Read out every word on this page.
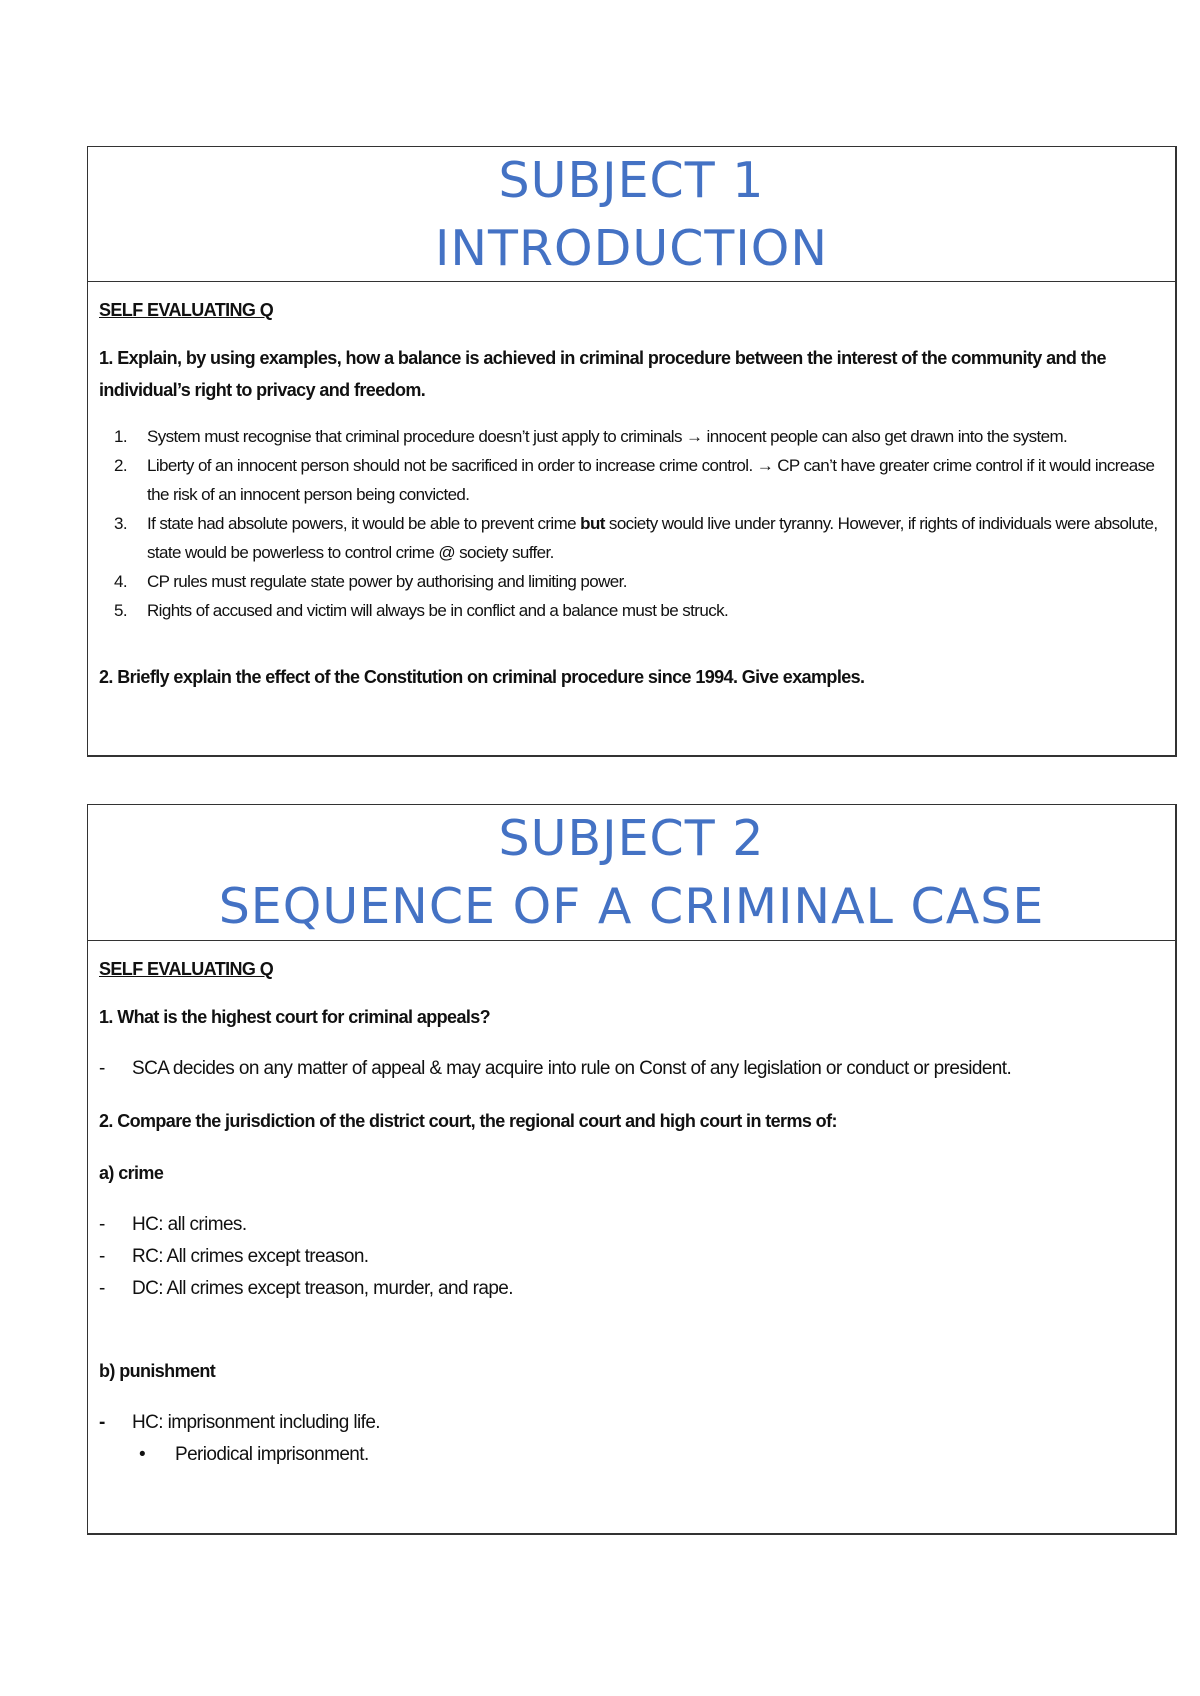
SUBJECT 1
INTRODUCTION

SELF EVALUATING Q

1. Explain, by using examples, how a balance is achieved in criminal procedure between the interest of the community and the individual’s right to privacy and freedom.

1. System must recognise that criminal procedure doesn’t just apply to criminals → innocent people can also get drawn into the system.
2. Liberty of an innocent person should not be sacrificed in order to increase crime control. → CP can’t have greater crime control if it would increase the risk of an innocent person being convicted.
3. If state had absolute powers, it would be able to prevent crime but society would live under tyranny. However, if rights of individuals were absolute, state would be powerless to control crime @ society suffer.
4. CP rules must regulate state power by authorising and limiting power.
5. Rights of accused and victim will always be in conflict and a balance must be struck.

2. Briefly explain the effect of the Constitution on criminal procedure since 1994. Give examples.

SUBJECT 2
SEQUENCE OF A CRIMINAL CASE

SELF EVALUATING Q

1. What is the highest court for criminal appeals?

- SCA decides on any matter of appeal & may acquire into rule on Const of any legislation or conduct or president.

2. Compare the jurisdiction of the district court, the regional court and high court in terms of:

a) crime

- HC: all crimes.

- RC: All crimes except treason.

- DC: All crimes except treason, murder, and rape.

b) punishment

- HC: imprisonment including life.

• Periodical imprisonment.
